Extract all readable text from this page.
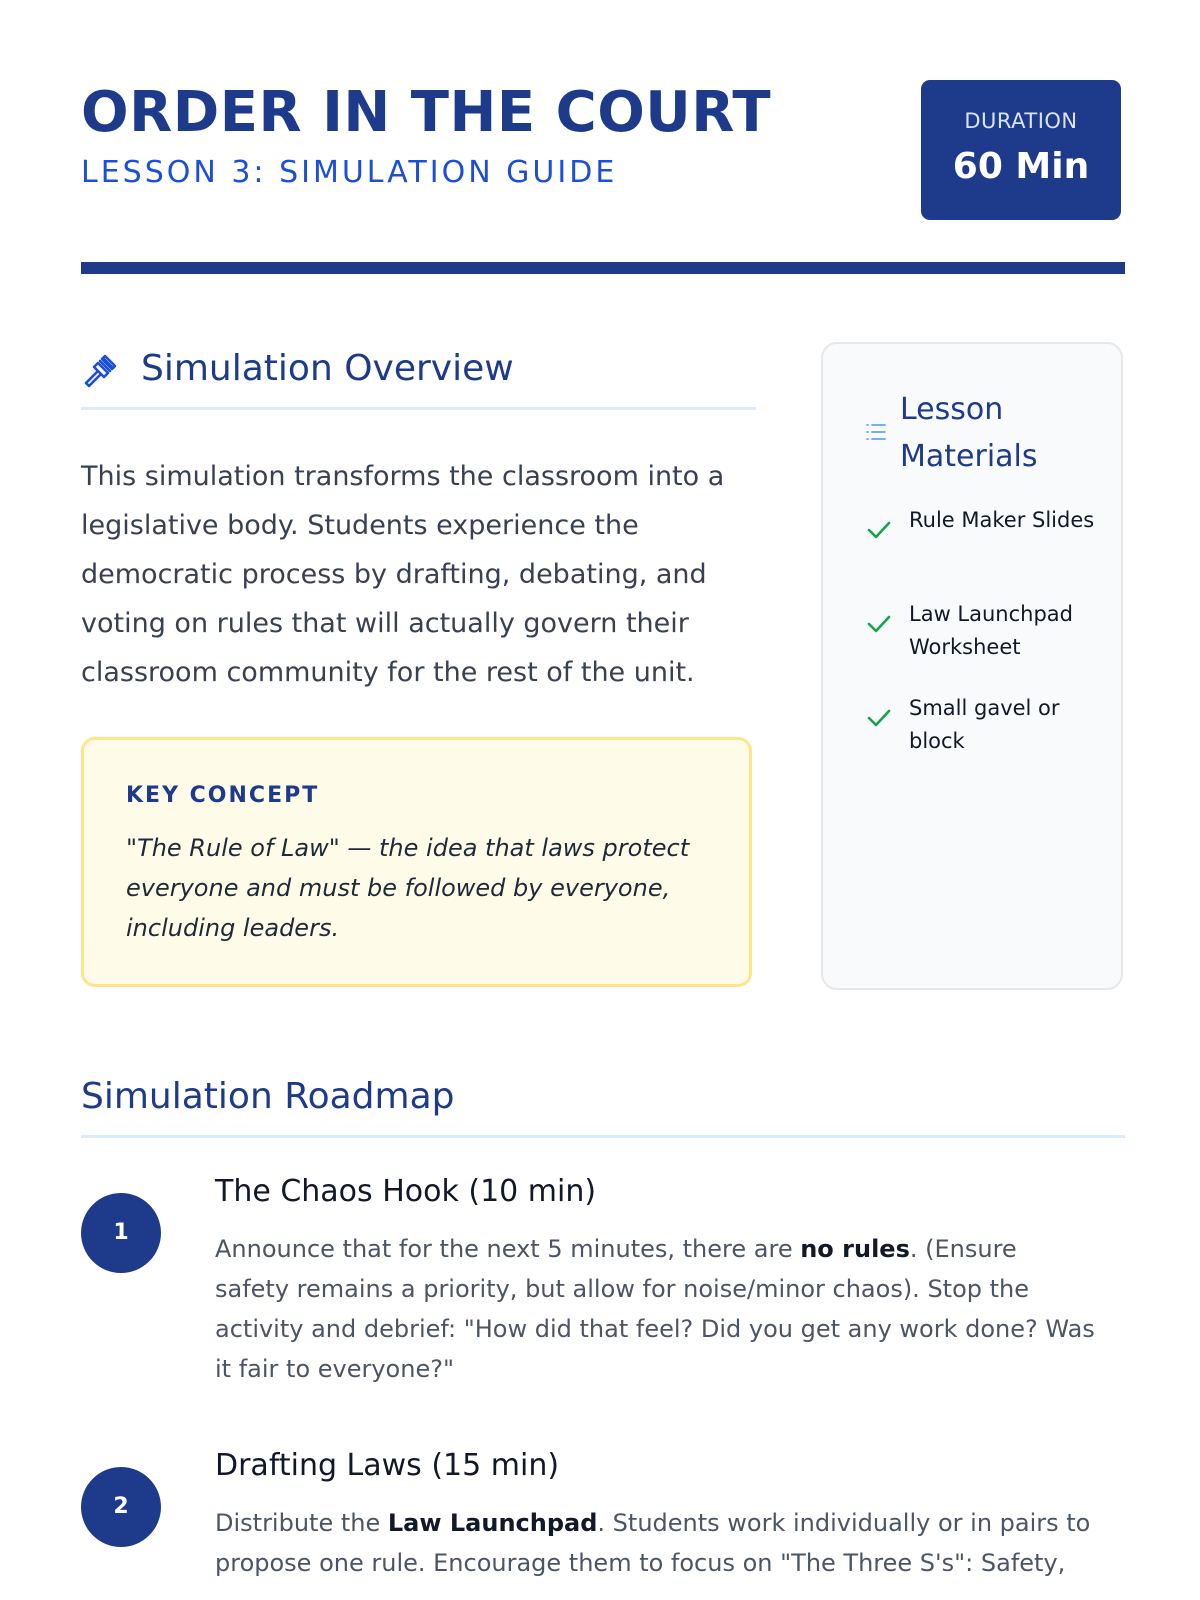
ORDER IN THE COURT
LESSON 3: SIMULATION GUIDE
DURATION
60 Min
Simulation Overview
This simulation transforms the classroom into a legislative body. Students experience the democratic process by drafting, debating, and voting on rules that will actually govern their classroom community for the rest of the unit.
KEY CONCEPT
"The Rule of Law" — the idea that laws protect everyone and must be followed by everyone, including leaders.
Lesson Materials
Rule Maker Slides
Law Launchpad Worksheet
Small gavel or block
Simulation Roadmap
1
The Chaos Hook (10 min)
Announce that for the next 5 minutes, there are no rules. (Ensure safety remains a priority, but allow for noise/minor chaos). Stop the activity and debrief: "How did that feel? Did you get any work done? Was it fair to everyone?"
2
Drafting Laws (15 min)
Distribute the Law Launchpad. Students work individually or in pairs to propose one rule. Encourage them to focus on "The Three S's": Safety,
